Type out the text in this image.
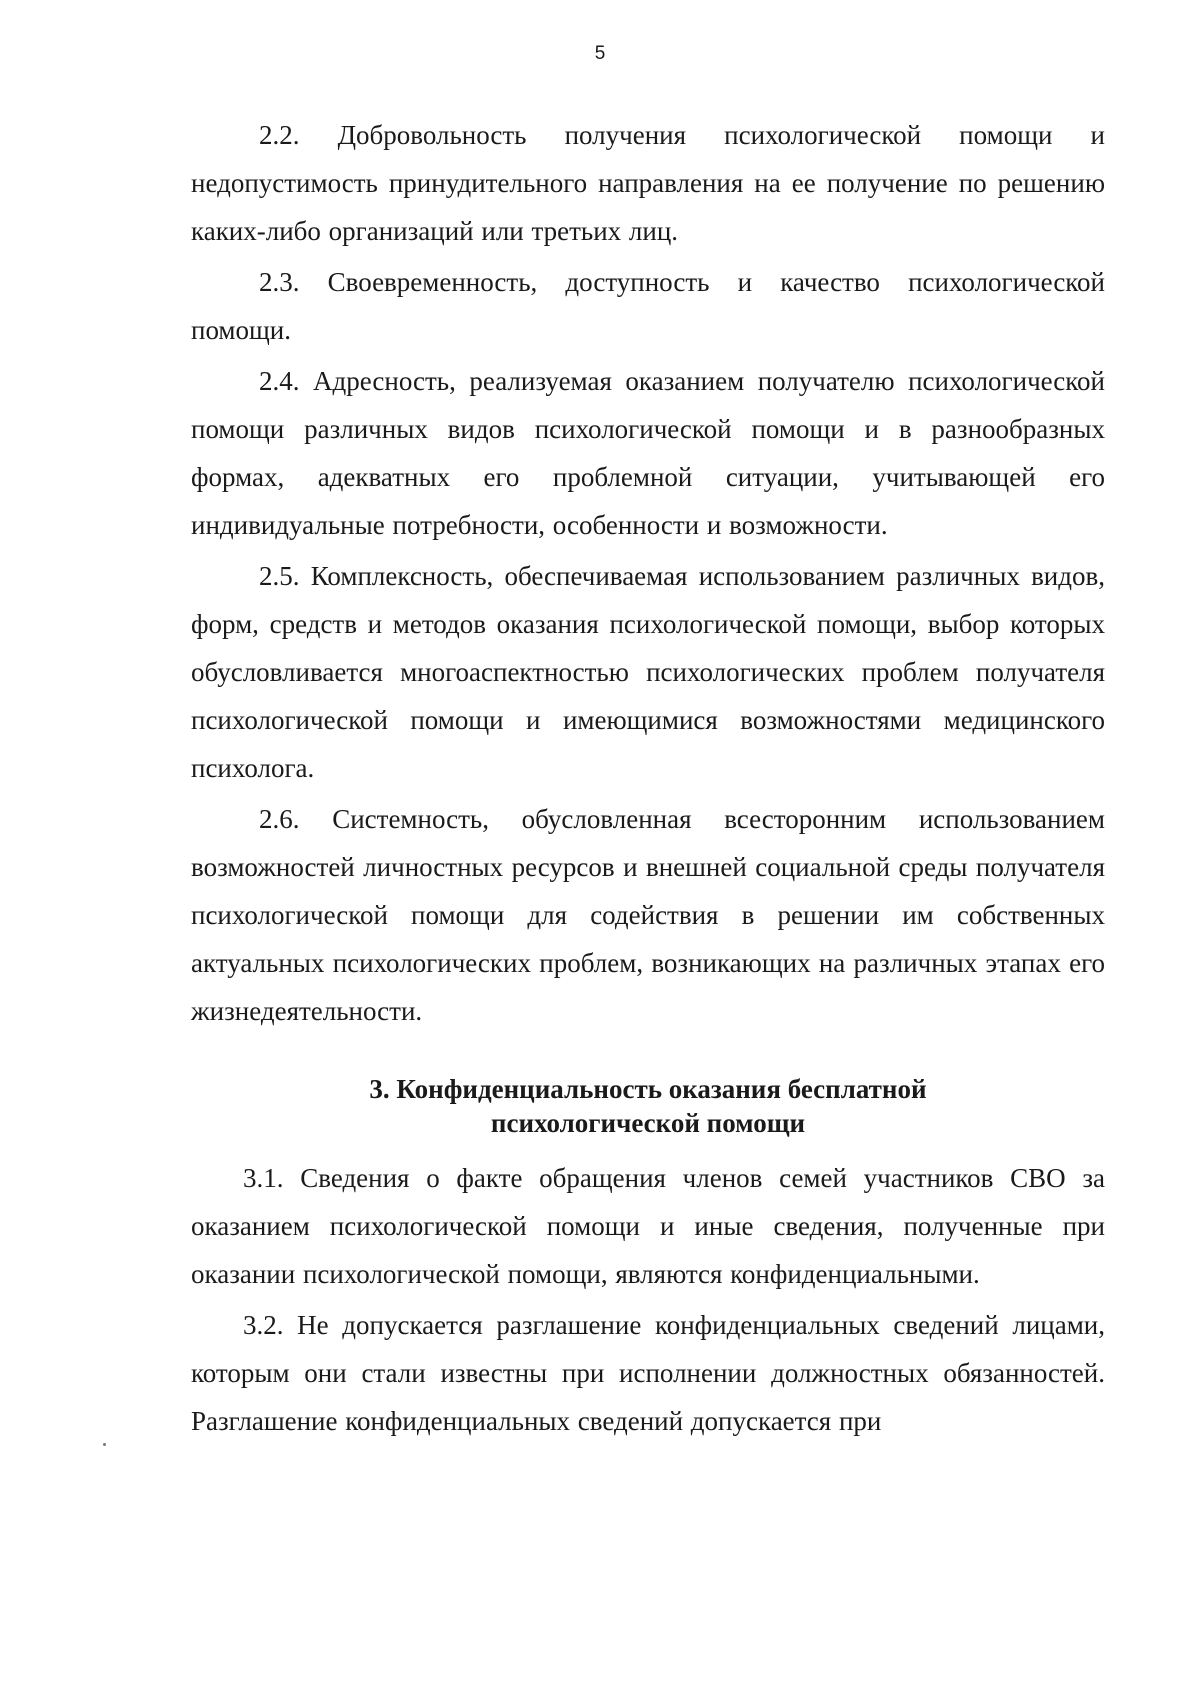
5

2.2. Добровольность получения психологической помощи и недопустимость принудительного направления на ее получение по решению каких-либо организаций или третьих лиц.

2.3. Своевременность, доступность и качество психологической помощи.

2.4. Адресность, реализуемая оказанием получателю психологической помощи различных видов психологической помощи и в разнообразных формах, адекватных его проблемной ситуации, учитывающей его индивидуальные потребности, особенности и возможности.

2.5. Комплексность, обеспечиваемая использованием различных видов, форм, средств и методов оказания психологической помощи, выбор которых обусловливается многоаспектностью психологических проблем получателя психологической помощи и имеющимися возможностями медицинского психолога.

2.6. Системность, обусловленная всесторонним использованием возможностей личностных ресурсов и внешней социальной среды получателя психологической помощи для содействия в решении им собственных актуальных психологических проблем, возникающих на различных этапах его жизнедеятельности.

3. Конфиденциальность оказания бесплатной
психологической помощи

3.1. Сведения о факте обращения членов семей участников СВО за оказанием психологической помощи и иные сведения, полученные при оказании психологической помощи, являются конфиденциальными.

3.2. Не допускается разглашение конфиденциальных сведений лицами, которым они стали известны при исполнении должностных обязанностей. Разглашение конфиденциальных сведений допускается при
